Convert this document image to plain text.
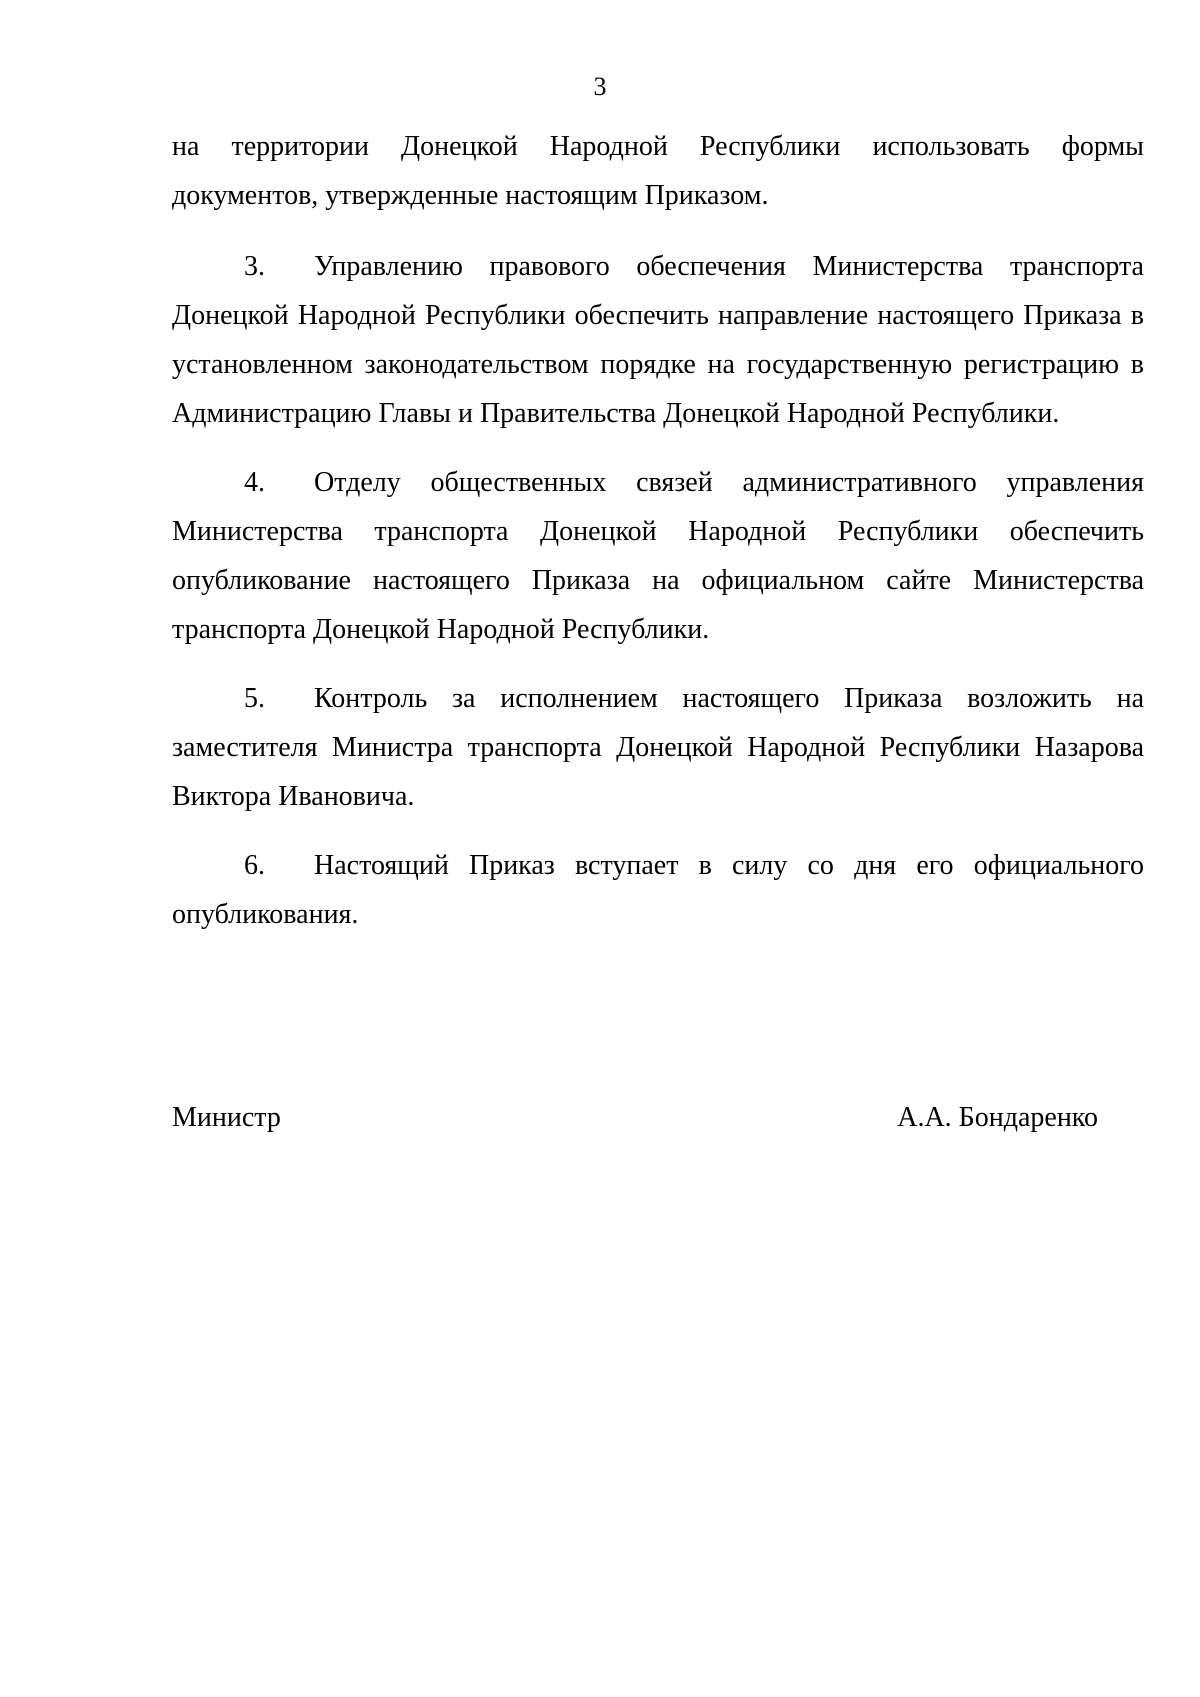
3

на территории Донецкой Народной Республики использовать формы документов, утвержденные настоящим Приказом.

3. Управлению правового обеспечения Министерства транспорта Донецкой Народной Республики обеспечить направление настоящего Приказа в установленном законодательством порядке на государственную регистрацию в Администрацию Главы и Правительства Донецкой Народной Республики.

4. Отделу общественных связей административного управления Министерства транспорта Донецкой Народной Республики обеспечить опубликование настоящего Приказа на официальном сайте Министерства транспорта Донецкой Народной Республики.

5. Контроль за исполнением настоящего Приказа возложить на заместителя Министра транспорта Донецкой Народной Республики Назарова Виктора Ивановича.

6. Настоящий Приказ вступает в силу со дня его официального опубликования.

Министр	А.А. Бондаренко
